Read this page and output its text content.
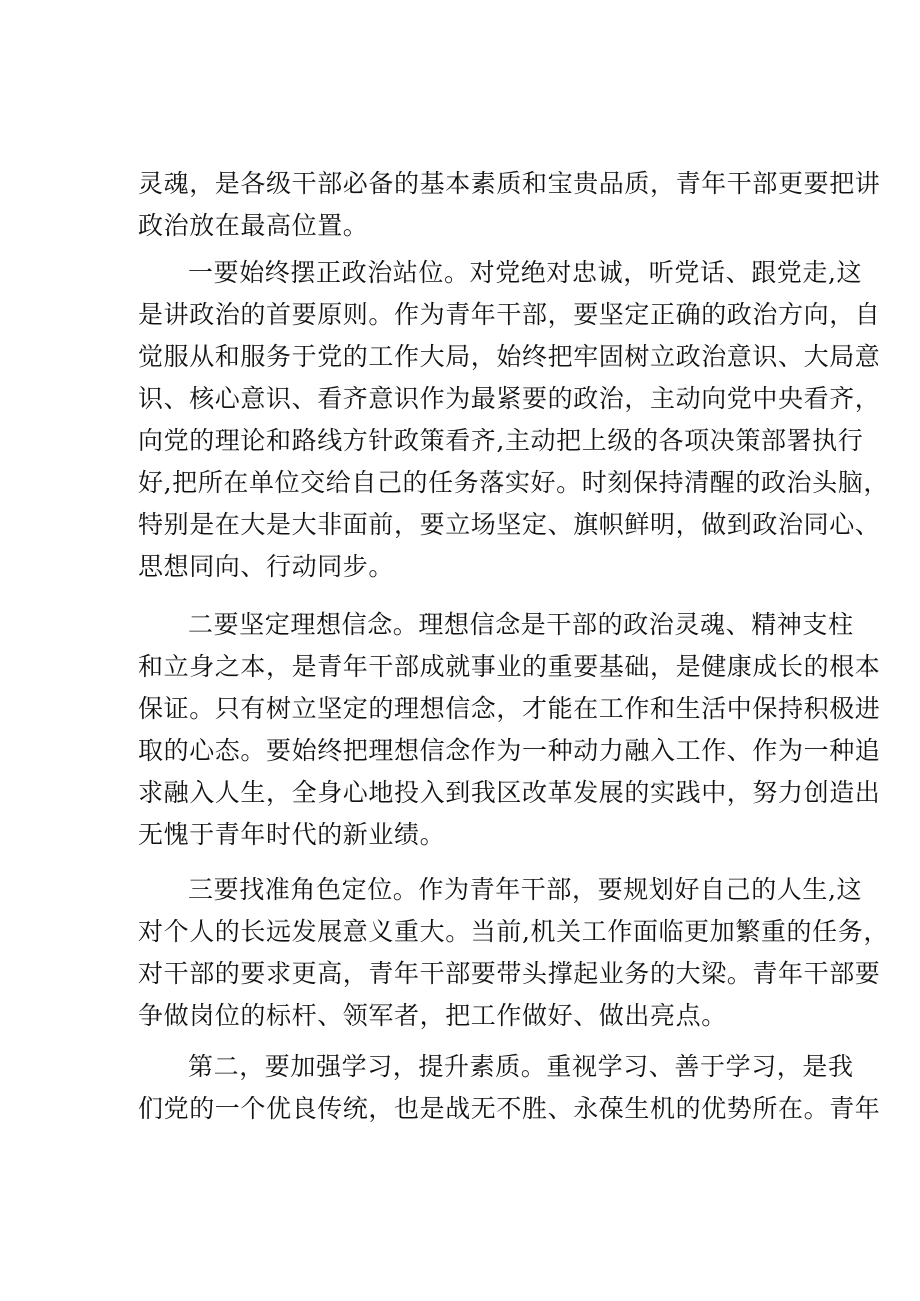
灵魂，是各级干部必备的基本素质和宝贵品质，青年干部更要把讲
政治放在最高位置。

一要始终摆正政治站位。对党绝对忠诚，听党话、跟党走,这
是讲政治的首要原则。作为青年干部，要坚定正确的政治方向，自
觉服从和服务于党的工作大局，始终把牢固树立政治意识、大局意
识、核心意识、看齐意识作为最紧要的政治，主动向党中央看齐，
向党的理论和路线方针政策看齐,主动把上级的各项决策部署执行
好,把所在单位交给自己的任务落实好。时刻保持清醒的政治头脑，
特别是在大是大非面前，要立场坚定、旗帜鲜明，做到政治同心、
思想同向、行动同步。

二要坚定理想信念。理想信念是干部的政治灵魂、精神支柱
和立身之本，是青年干部成就事业的重要基础，是健康成长的根本
保证。只有树立坚定的理想信念，才能在工作和生活中保持积极进
取的心态。要始终把理想信念作为一种动力融入工作、作为一种追
求融入人生，全身心地投入到我区改革发展的实践中，努力创造出
无愧于青年时代的新业绩。

三要找准角色定位。作为青年干部，要规划好自己的人生,这
对个人的长远发展意义重大。当前,机关工作面临更加繁重的任务，
对干部的要求更高，青年干部要带头撑起业务的大梁。青年干部要
争做岗位的标杆、领军者，把工作做好、做出亮点。

第二，要加强学习，提升素质。重视学习、善于学习，是我
们党的一个优良传统，也是战无不胜、永葆生机的优势所在。青年
